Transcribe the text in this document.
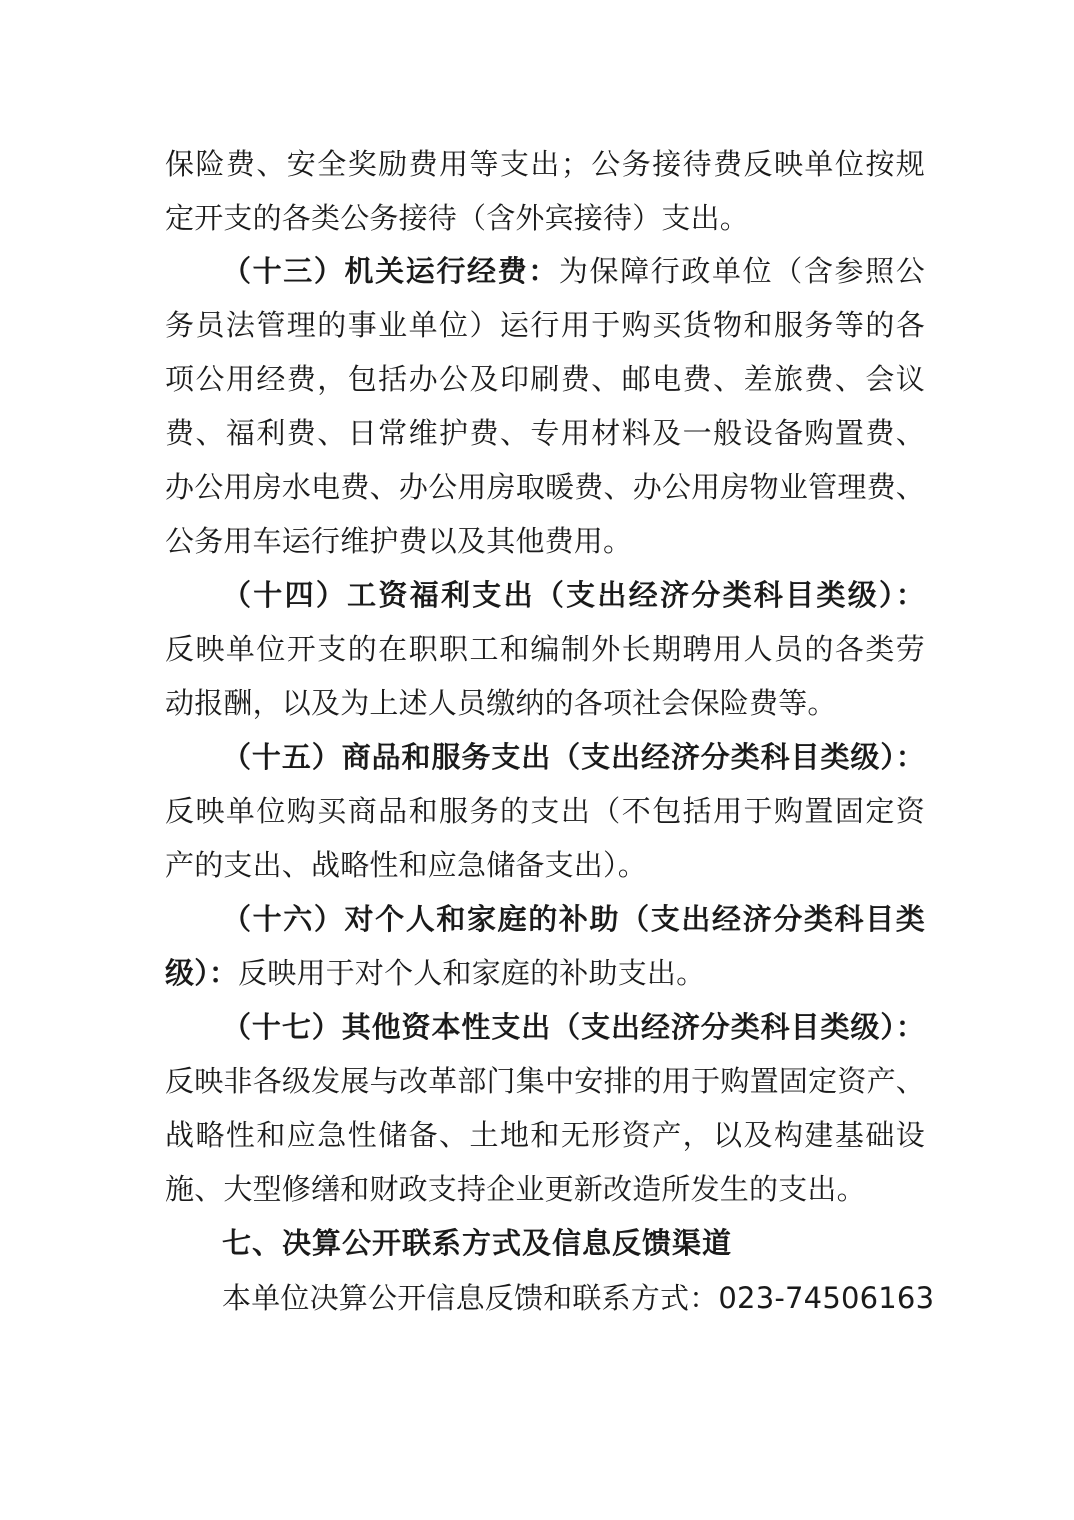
保险费、安全奖励费用等支出；公务接待费反映单位按规
定开支的各类公务接待（含外宾接待）支出。
（十三）机关运行经费：为保障行政单位（含参照公
务员法管理的事业单位）运行用于购买货物和服务等的各
项公用经费，包括办公及印刷费、邮电费、差旅费、会议
费、福利费、日常维护费、专用材料及一般设备购置费、
办公用房水电费、办公用房取暖费、办公用房物业管理费、
公务用车运行维护费以及其他费用。
（十四）工资福利支出（支出经济分类科目类级）：
反映单位开支的在职职工和编制外长期聘用人员的各类劳
动报酬，以及为上述人员缴纳的各项社会保险费等。
（十五）商品和服务支出（支出经济分类科目类级）：
反映单位购买商品和服务的支出（不包括用于购置固定资
产的支出、战略性和应急储备支出）。
（十六）对个人和家庭的补助（支出经济分类科目类
级）：反映用于对个人和家庭的补助支出。
（十七）其他资本性支出（支出经济分类科目类级）：
反映非各级发展与改革部门集中安排的用于购置固定资产、
战略性和应急性储备、土地和无形资产，以及构建基础设
施、大型修缮和财政支持企业更新改造所发生的支出。
七、决算公开联系方式及信息反馈渠道
本单位决算公开信息反馈和联系方式：023-74506163
